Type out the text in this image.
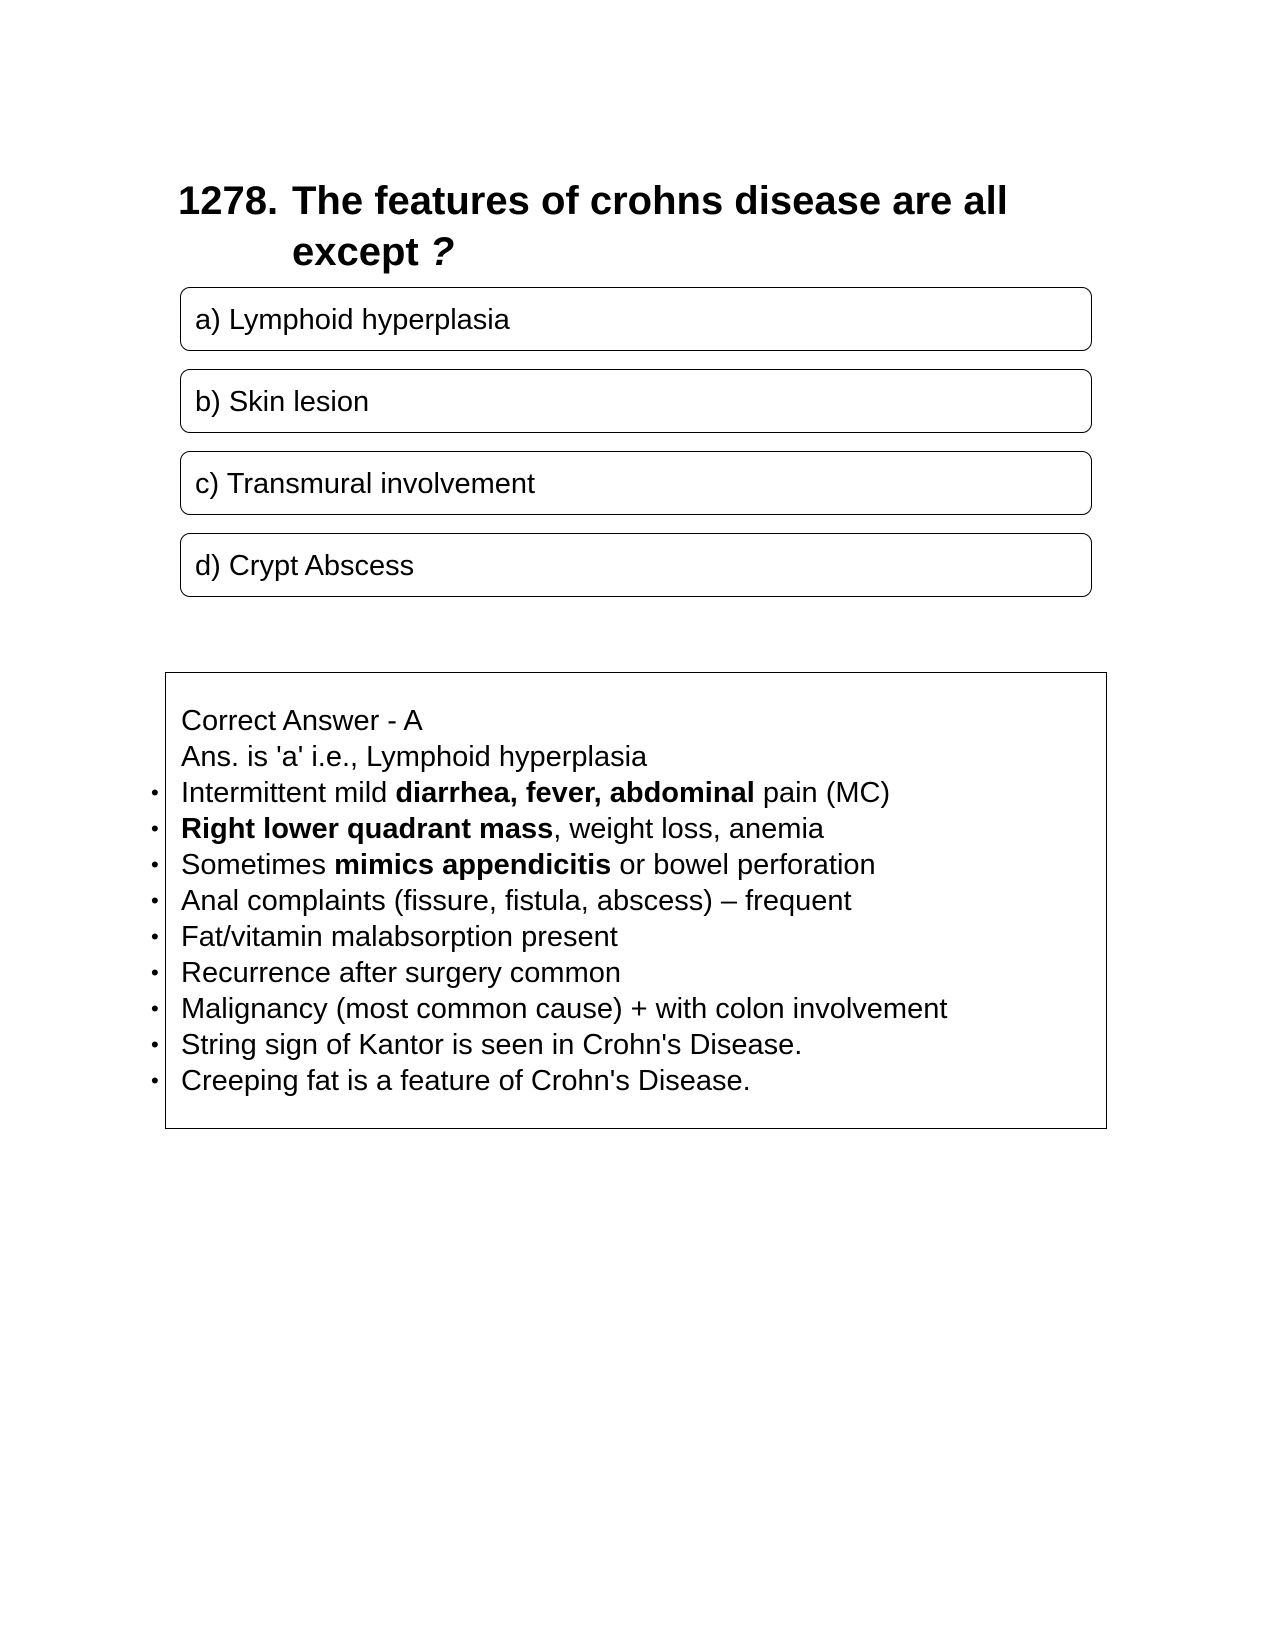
1278. The features of crohns disease are all except ?
a) Lymphoid hyperplasia
b) Skin lesion
c) Transmural involvement
d) Crypt Abscess
Correct Answer - A
Ans. is 'a' i.e., Lymphoid hyperplasia
• Intermittent mild diarrhea, fever, abdominal pain (MC)
• Right lower quadrant mass, weight loss, anemia
• Sometimes mimics appendicitis or bowel perforation
• Anal complaints (fissure, fistula, abscess) – frequent
• Fat/vitamin malabsorption present
• Recurrence after surgery common
• Malignancy (most common cause) + with colon involvement
• String sign of Kantor is seen in Crohn's Disease.
• Creeping fat is a feature of Crohn's Disease.
